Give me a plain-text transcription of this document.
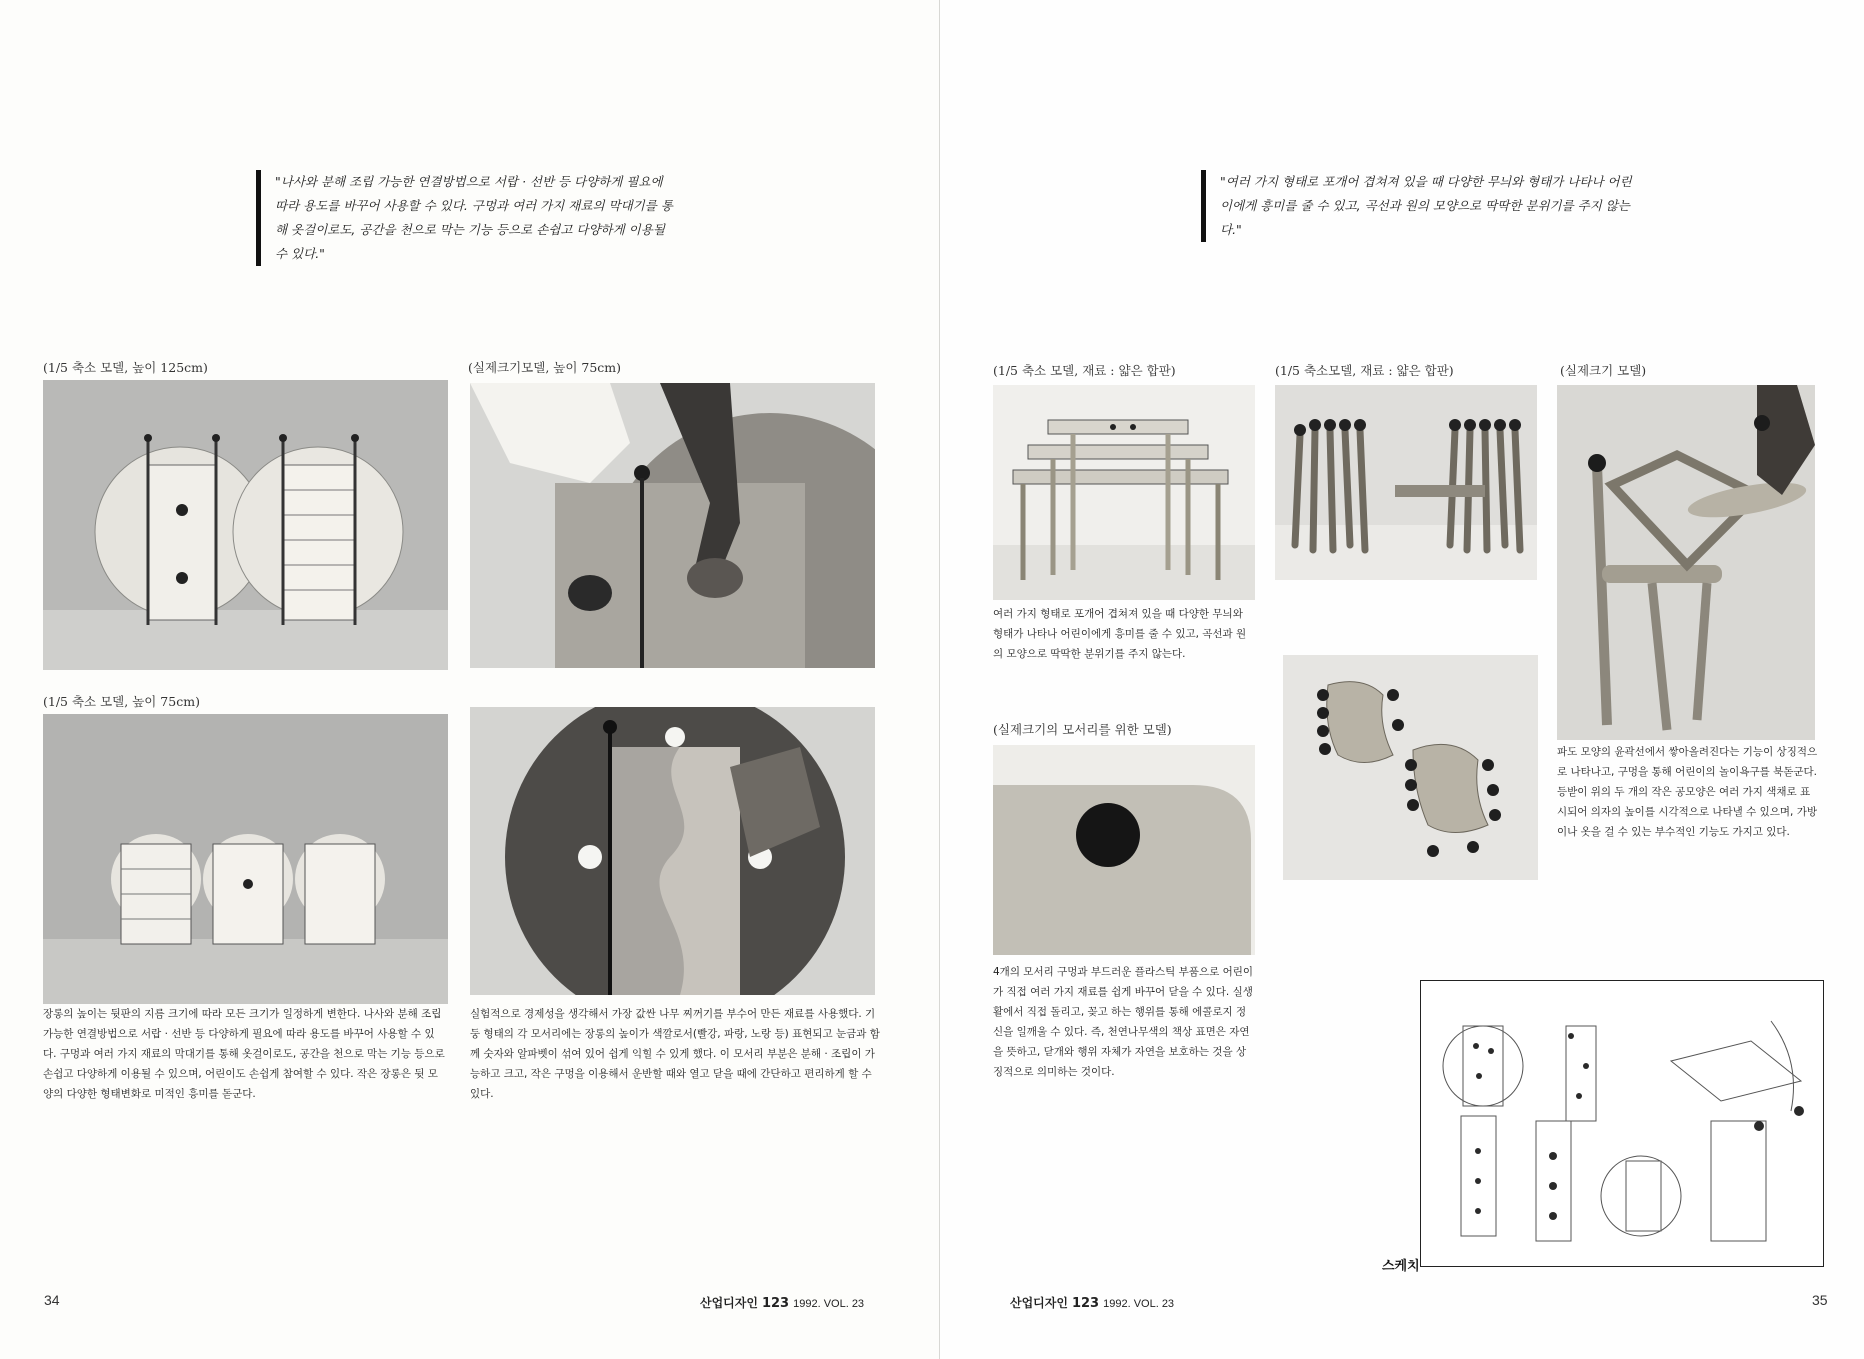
"나사와 분해 조립 가능한 연결방법으로 서랍 · 선반 등 다양하게 필요에 따라 용도를 바꾸어 사용할 수 있다. 구멍과 여러 가지 재료의 막대기를 통해 옷걸이로도, 공간을 천으로 막는 기능 등으로 손쉽고 다양하게 이용될 수 있다."
(1/5 축소 모델, 높이 125cm)	(실제크기모델, 높이 75cm)
(1/5 축소 모델, 높이 75cm)
장롱의 높이는 뒷판의 지름 크기에 따라 모든 크기가 일정하게 변한다. 나사와 분해 조립 가능한 연결방법으로 서랍 · 선반 등 다양하게 필요에 따라 용도를 바꾸어 사용할 수 있다. 구멍과 여러 가지 재료의 막대기를 통해 옷걸이로도, 공간을 천으로 막는 기능 등으로 손쉽고 다양하게 이용될 수 있으며, 어린이도 손쉽게 참여할 수 있다. 작은 장롱은 뒷 모양의 다양한 형태변화로 미적인 흥미를 돋군다.
실험적으로 경제성을 생각해서 가장 값싼 나무 찌꺼기를 부수어 만든 재료를 사용했다. 기둥 형태의 각 모서리에는 장롱의 높이가 색깔로서(빨강, 파랑, 노랑 등) 표현되고 눈금과 함께 숫자와 알파벳이 섞여 있어 쉽게 익힐 수 있게 했다. 이 모서리 부분은 분해 · 조립이 가능하고 크고, 작은 구멍을 이용해서 운반할 때와 열고 닫을 때에 간단하고 편리하게 할 수 있다.
34	산업디자인 123 1992. VOL. 23
"여러 가지 형태로 포개어 겹쳐져 있을 때 다양한 무늬와 형태가 나타나 어린이에게 흥미를 줄 수 있고, 곡선과 원의 모양으로 딱딱한 분위기를 주지 않는다."
(1/5 축소 모델, 재료 : 얇은 합판)	(1/5 축소모델, 재료 : 얇은 합판)	(실제크기 모델)
(실제크기의 모서리를 위한 모델)
여러 가지 형태로 포개어 겹쳐져 있을 때 다양한 무늬와 형태가 나타나 어린이에게 흥미를 줄 수 있고, 곡선과 원의 모양으로 딱딱한 분위기를 주지 않는다.
파도 모양의 윤곽선에서 쌓아올려진다는 기능이 상징적으로 나타나고, 구멍을 통해 어린이의 놀이욕구를 북돋군다. 등받이 위의 두 개의 작은 공모양은 여러 가지 색채로 표시되어 의자의 높이를 시각적으로 나타낼 수 있으며, 가방이나 옷을 걸 수 있는 부수적인 기능도 가지고 있다.
4개의 모서리 구멍과 부드러운 플라스틱 부품으로 어린이가 직접 여러 가지 재료를 쉽게 바꾸어 닫을 수 있다. 실생활에서 직접 돌리고, 꽂고 하는 행위를 통해 에콜로지 정신을 일깨울 수 있다. 즉, 천연나무색의 책상 표면은 자연을 뜻하고, 닫개와 행위 자체가 자연을 보호하는 것을 상징적으로 의미하는 것이다.
스케치
산업디자인 123 1992. VOL. 23	35
